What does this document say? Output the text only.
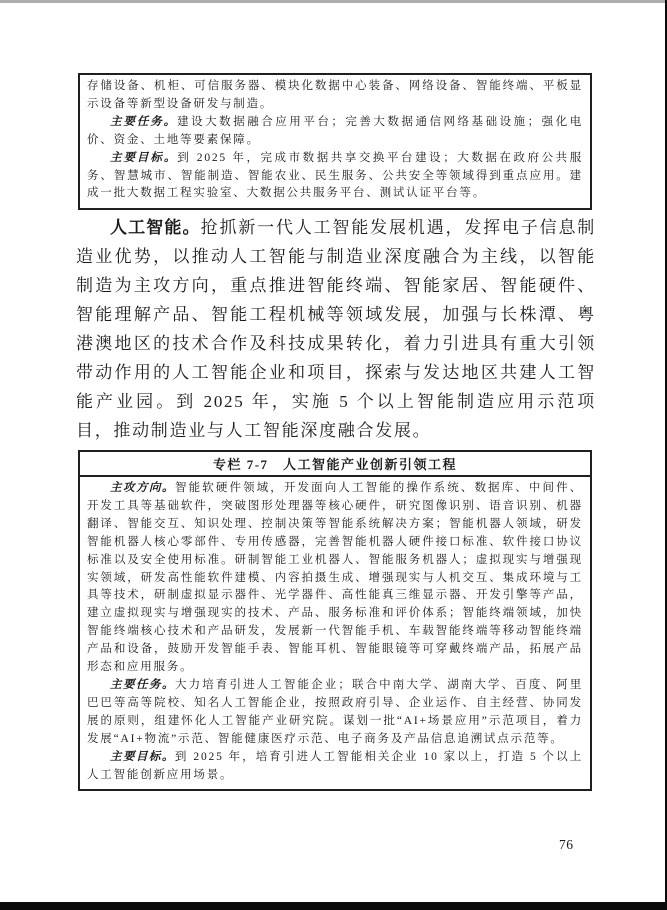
存储设备、机柜、可信服务器、模块化数据中心装备、网络设备、智能终端、平板显示设备等新型设备研发与制造。

主要任务。建设大数据融合应用平台；完善大数据通信网络基础设施；强化电价、资金、土地等要素保障。

主要目标。到 2025 年，完成市数据共享交换平台建设；大数据在政府公共服务、智慧城市、智能制造、智能农业、民生服务、公共安全等领域得到重点应用。建成一批大数据工程实验室、大数据公共服务平台、测试认证平台等。

人工智能。抢抓新一代人工智能发展机遇，发挥电子信息制造业优势，以推动人工智能与制造业深度融合为主线，以智能制造为主攻方向，重点推进智能终端、智能家居、智能硬件、智能理解产品、智能工程机械等领域发展，加强与长株潭、粤港澳地区的技术合作及科技成果转化，着力引进具有重大引领带动作用的人工智能企业和项目，探索与发达地区共建人工智能产业园。到 2025 年，实施 5 个以上智能制造应用示范项目，推动制造业与人工智能深度融合发展。

专栏 7-7　人工智能产业创新引领工程

主攻方向。智能软硬件领域，开发面向人工智能的操作系统、数据库、中间件、开发工具等基础软件，突破图形处理器等核心硬件，研究图像识别、语音识别、机器翻译、智能交互、知识处理、控制决策等智能系统解决方案；智能机器人领域，研发智能机器人核心零部件、专用传感器，完善智能机器人硬件接口标准、软件接口协议标准以及安全使用标准。研制智能工业机器人、智能服务机器人；虚拟现实与增强现实领域，研发高性能软件建模、内容拍摄生成、增强现实与人机交互、集成环境与工具等技术，研制虚拟显示器件、光学器件、高性能真三维显示器、开发引擎等产品，建立虚拟现实与增强现实的技术、产品、服务标准和评价体系；智能终端领域，加快智能终端核心技术和产品研发，发展新一代智能手机、车载智能终端等移动智能终端产品和设备，鼓励开发智能手表、智能耳机、智能眼镜等可穿戴终端产品，拓展产品形态和应用服务。

主要任务。大力培育引进人工智能企业；联合中南大学、湖南大学、百度、阿里巴巴等高等院校、知名人工智能企业，按照政府引导、企业运作、自主经营、协同发展的原则，组建怀化人工智能产业研究院。谋划一批“AI+场景应用”示范项目，着力发展“AI+物流”示范、智能健康医疗示范、电子商务及产品信息追溯试点示范等。

主要目标。到 2025 年，培育引进人工智能相关企业 10 家以上，打造 5 个以上人工智能创新应用场景。

76
